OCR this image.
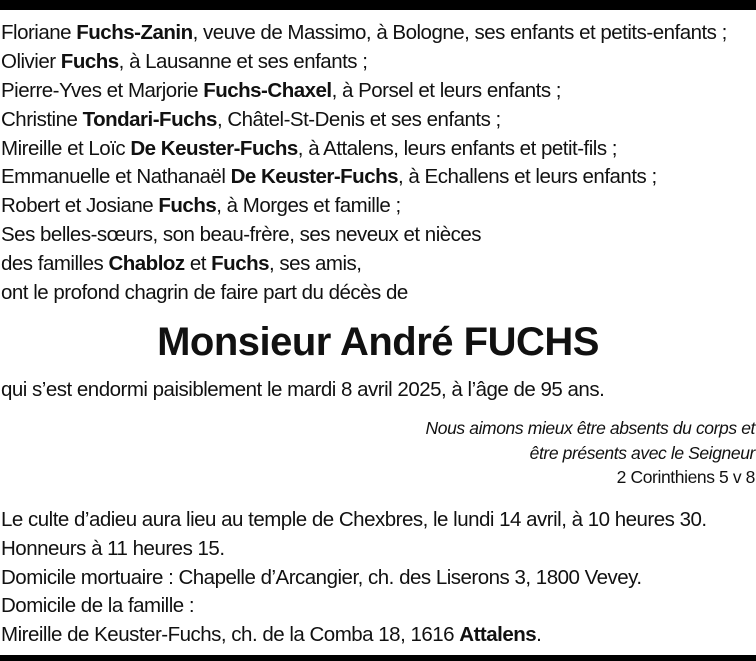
Floriane Fuchs-Zanin, veuve de Massimo, à Bologne, ses enfants et petits-enfants ;
Olivier Fuchs, à Lausanne et ses enfants ;
Pierre-Yves et Marjorie Fuchs-Chaxel, à Porsel et leurs enfants ;
Christine Tondari-Fuchs, Châtel-St-Denis et ses enfants ;
Mireille et Loïc De Keuster-Fuchs, à Attalens, leurs enfants et petit-fils ;
Emmanuelle et Nathanaël De Keuster-Fuchs, à Echallens et leurs enfants ;
Robert et Josiane Fuchs, à Morges et famille ;
Ses belles-sœurs, son beau-frère, ses neveux et nièces
des familles Chabloz et Fuchs, ses amis,
ont le profond chagrin de faire part du décès de
Monsieur André FUCHS
qui s’est endormi paisiblement le mardi 8 avril 2025, à l’âge de 95 ans.
Nous aimons mieux être absents du corps et
être présents avec le Seigneur
2 Corinthiens 5 v 8
Le culte d’adieu aura lieu au temple de Chexbres, le lundi 14 avril, à 10 heures 30.
Honneurs à 11 heures 15.
Domicile mortuaire : Chapelle d’Arcangier, ch. des Liserons 3, 1800 Vevey.
Domicile de la famille :
Mireille de Keuster-Fuchs, ch. de la Comba 18, 1616 Attalens.
